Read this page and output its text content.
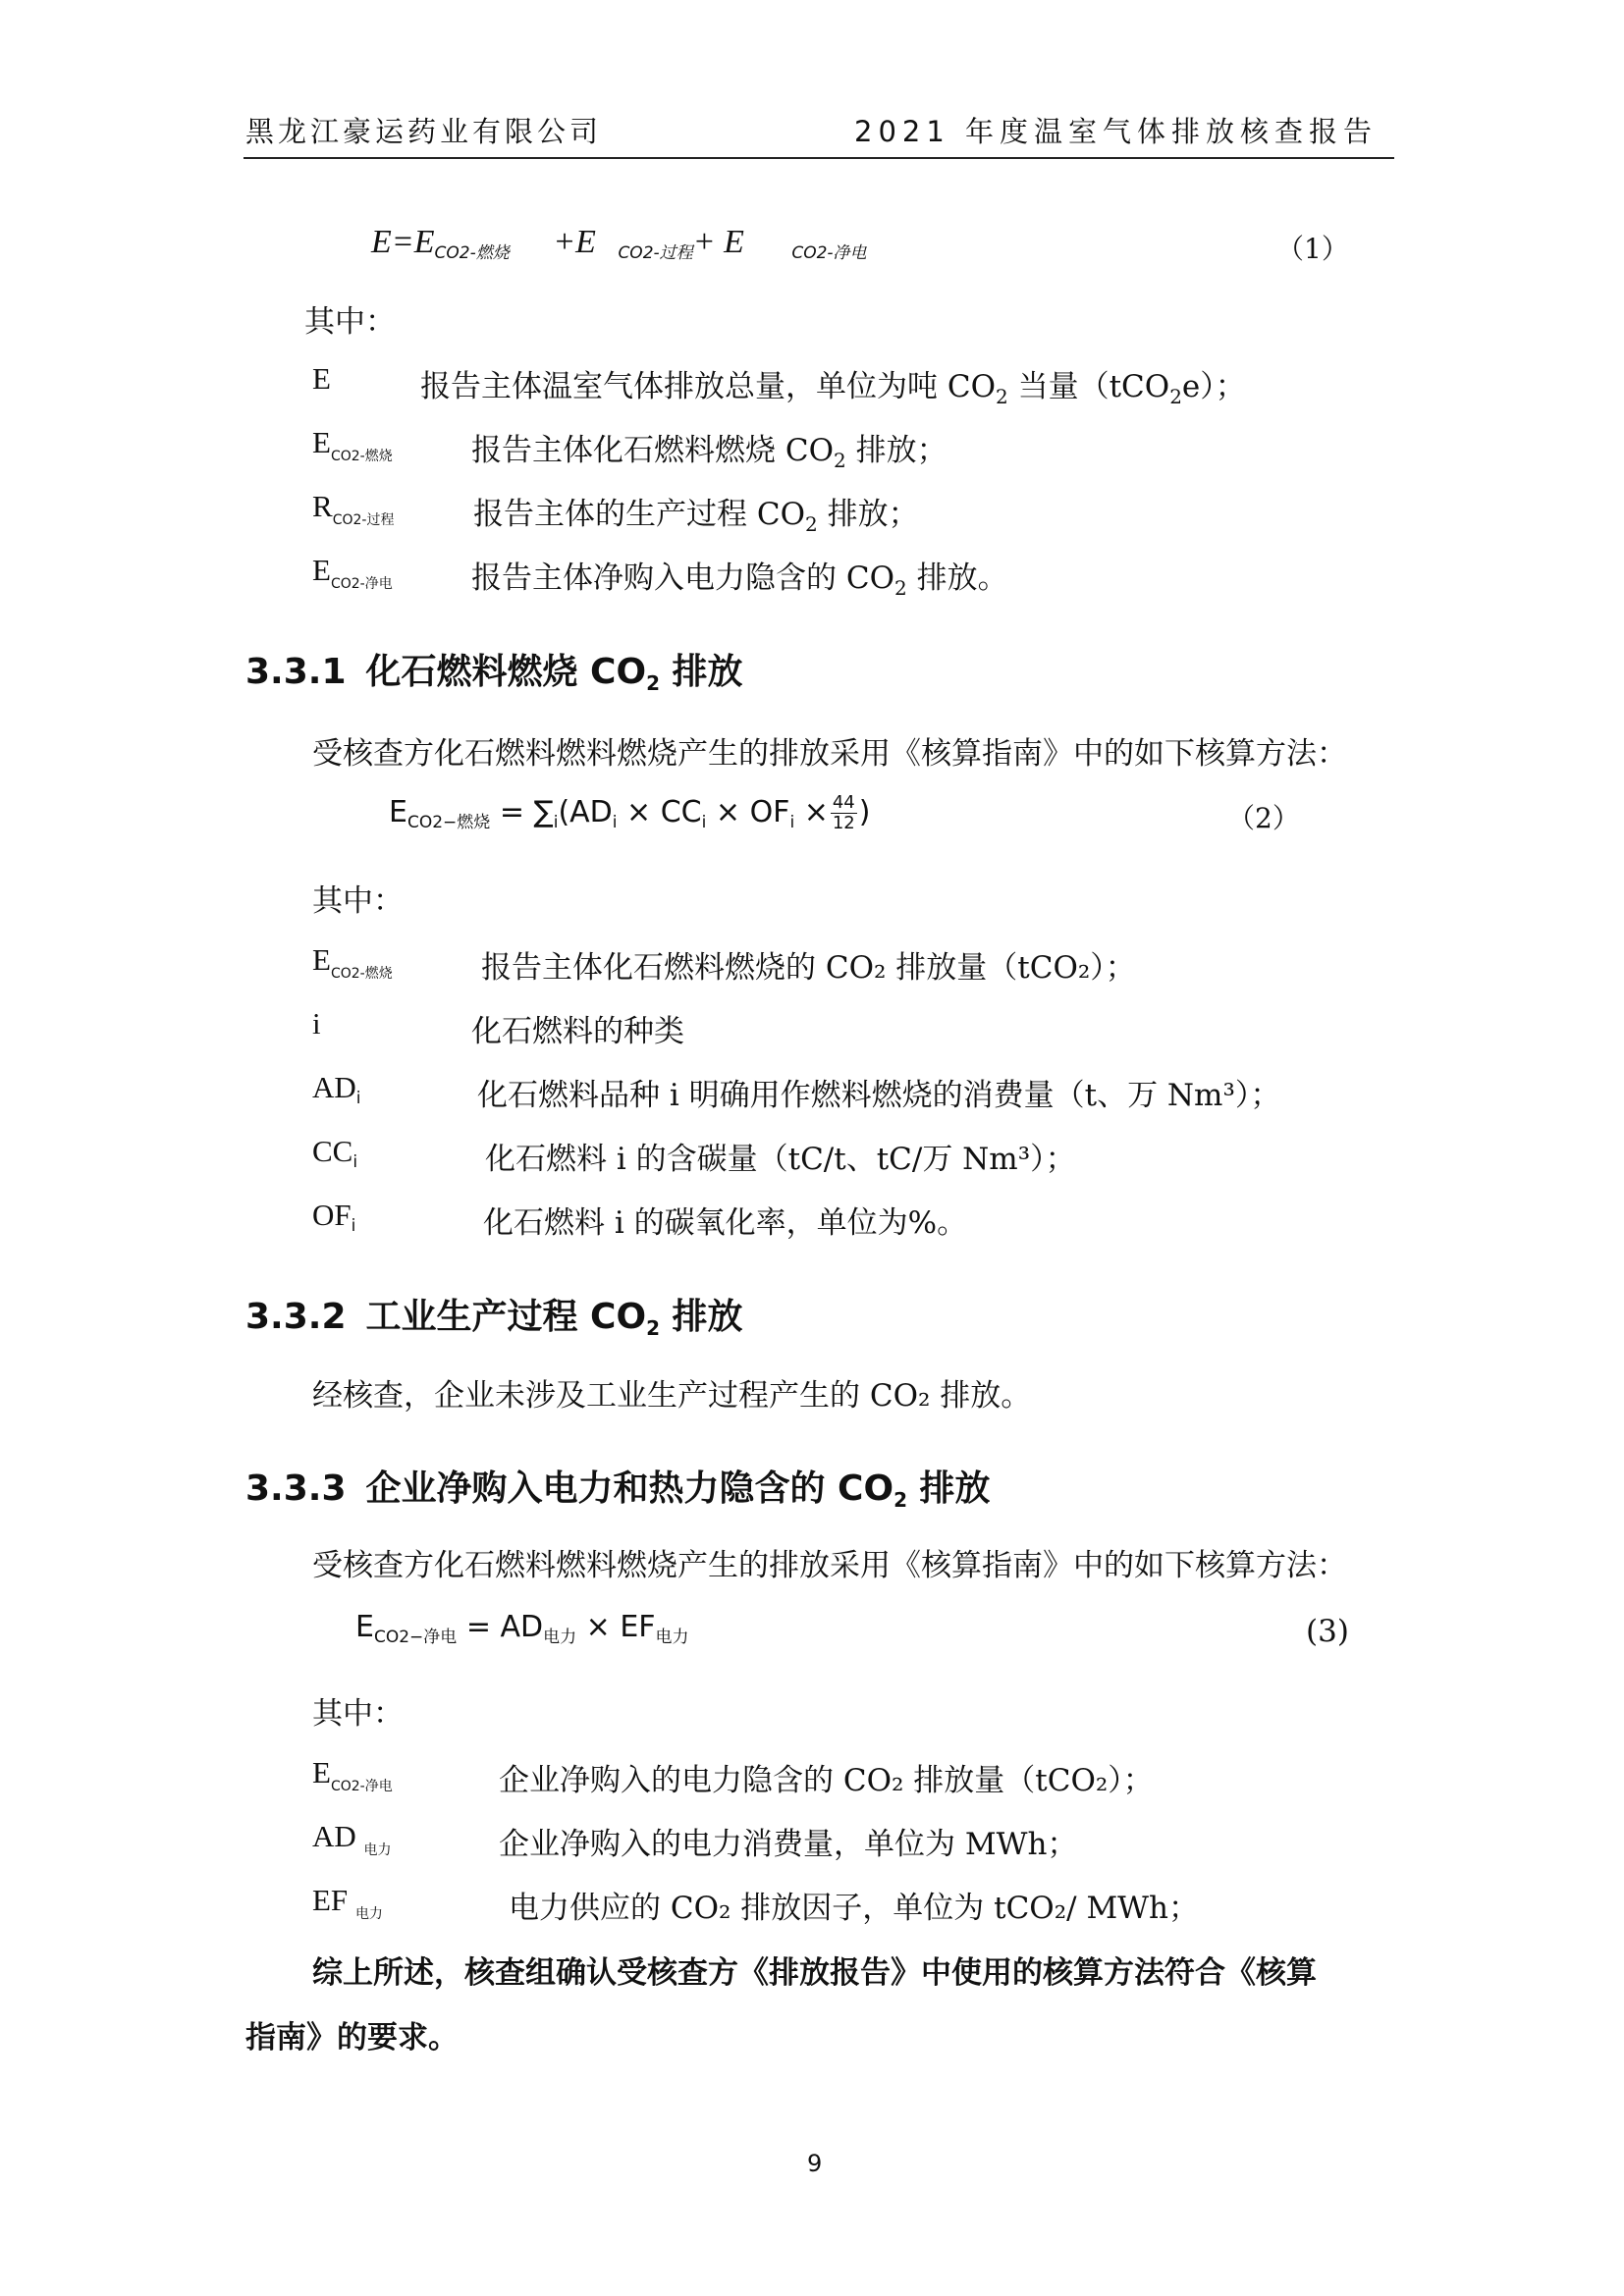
黑龙江豪运药业有限公司	2021 年度温室气体排放核查报告
$E=E_{CO2-燃烧} +E$ $_{CO2-过程}$+ E	$_{CO2-净电}$	（1）
其中：
E	报告主体温室气体排放总量，单位为吨 $CO_2$ 当量（tCO$_2$e）；
$E_{CO2-燃烧}$	报告主体化石燃料燃烧 $CO_2$ 排放；
$R_{CO2-过程}$	报告主体的生产过程 $CO_2$ 排放；
$E_{CO2-净电}$	报告主体净购入电力隐含的 $CO_2$ 排放。
3.3.1 化石燃料燃烧 CO2 排放
受核查方化石燃料燃料燃烧产生的排放采用《核算指南》中的如下核算方法：
$E_{CO2-燃烧} = \sum_i(AD_i \times CC_i \times OF_i \times \frac{44}{12}$ )	（2）
其中：
$E_{CO2-燃烧}$	报告主体化石燃料燃烧的 CO₂ 排放量（tCO₂）；
i	化石燃料的种类
$AD_i$	化石燃料品种 i 明确用作燃料燃烧的消费量（t、万 Nm³）；
$CC_i$	化石燃料 i 的含碳量（tC/t、tC/万 Nm³）；
$OF_i$	化石燃料 i 的碳氧化率，单位为%。
3.3.2 工业生产过程 CO2 排放
经核查，企业未涉及工业生产过程产生的 CO₂ 排放。
3.3.3 企业净购入电力和热力隐含的 CO2 排放
受核查方化石燃料燃料燃烧产生的排放采用《核算指南》中的如下核算方法：
$E_{CO2-净电} = AD_{电力} \times EF_{电力}$	(3)
其中：
$E_{CO2-净电}$	企业净购入的电力隐含的 CO₂ 排放量（tCO₂）；
AD $_{电力}$	企业净购入的电力消费量，单位为 MWh；
EF $_{电力}$	电力供应的 CO₂ 排放因子，单位为 tCO₂/ MWh；
综上所述，核查组确认受核查方《排放报告》中使用的核算方法符合《核算
指南》的要求。
9
